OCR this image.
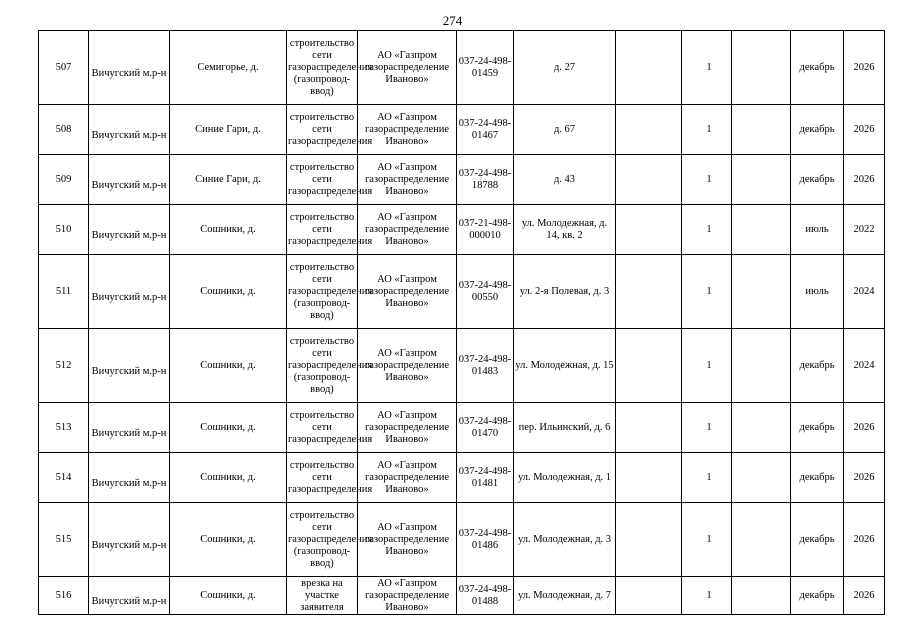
274
507	Вичугский м.р-н	Семигорье, д.	строительство сети газораспределения (газопровод-ввод)	АО «Газпром газораспределение Иваново»	037-24-498-01459	д. 27		1		декабрь	2026
508	Вичугский м.р-н	Синие Гари, д.	строительство сети газораспределения	АО «Газпром газораспределение Иваново»	037-24-498-01467	д. 67		1		декабрь	2026
509	Вичугский м.р-н	Синие Гари, д.	строительство сети газораспределения	АО «Газпром газораспределение Иваново»	037-24-498-18788	д. 43		1		декабрь	2026
510	Вичугский м.р-н	Сошники, д.	строительство сети газораспределения	АО «Газпром газораспределение Иваново»	037-21-498-000010	ул. Молодежная, д. 14, кв. 2		1		июль	2022
511	Вичугский м.р-н	Сошники, д.	строительство сети газораспределения (газопровод-ввод)	АО «Газпром газораспределение Иваново»	037-24-498-00550	ул. 2-я Полевая, д. 3		1		июль	2024
512	Вичугский м.р-н	Сошники, д.	строительство сети газораспределения (газопровод-ввод)	АО «Газпром газораспределение Иваново»	037-24-498-01483	ул. Молодежная, д. 15		1		декабрь	2024
513	Вичугский м.р-н	Сошники, д.	строительство сети газораспределения	АО «Газпром газораспределение Иваново»	037-24-498-01470	пер. Ильинский, д. 6		1		декабрь	2026
514	Вичугский м.р-н	Сошники, д.	строительство сети газораспределения	АО «Газпром газораспределение Иваново»	037-24-498-01481	ул. Молодежная, д. 1		1		декабрь	2026
515	Вичугский м.р-н	Сошники, д.	строительство сети газораспределения (газопровод-ввод)	АО «Газпром газораспределение Иваново»	037-24-498-01486	ул. Молодежная, д. 3		1		декабрь	2026
516	Вичугский м.р-н	Сошники, д.	врезка на участке заявителя	АО «Газпром газораспределение Иваново»	037-24-498-01488	ул. Молодежная, д. 7		1		декабрь	2026
